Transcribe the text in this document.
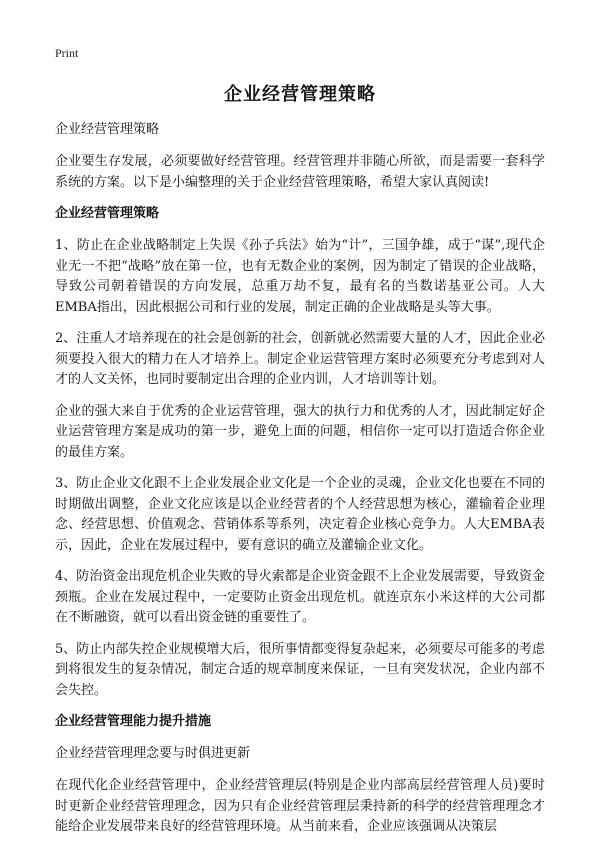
Print
企业经营管理策略

企业经营管理策略

企业要生存发展，必须要做好经营管理。经营管理并非随心所欲，而是需要一套科学系统的方案。以下是小编整理的关于企业经营管理策略，希望大家认真阅读!

企业经营管理策略

1、防止在企业战略制定上失误《孙子兵法》始为“计”，三国争雄，成于“谋”,现代企业无一不把“战略”放在第一位，也有无数企业的案例，因为制定了错误的企业战略，导致公司朝着错误的方向发展，总重万劫不复，最有名的当数诺基亚公司。人大EMBA指出，因此根据公司和行业的发展，制定正确的企业战略是头等大事。

2、注重人才培养现在的社会是创新的社会，创新就必然需要大量的人才，因此企业必须要投入很大的精力在人才培养上。制定企业运营管理方案时必须要充分考虑到对人才的人文关怀，也同时要制定出合理的企业内训，人才培训等计划。

企业的强大来自于优秀的企业运营管理，强大的执行力和优秀的人才，因此制定好企业运营管理方案是成功的第一步，避免上面的问题，相信你一定可以打造适合你企业的最佳方案。

3、防止企业文化跟不上企业发展企业文化是一个企业的灵魂，企业文化也要在不同的时期做出调整，企业文化应该是以企业经营者的个人经营思想为核心，灌输着企业理念、经营思想、价值观念、营销体系等系列，决定着企业核心竞争力。人大EMBA表示，因此，企业在发展过程中，要有意识的确立及灌输企业文化。

4、防治资金出现危机企业失败的导火索都是企业资金跟不上企业发展需要，导致资金颈瓶。企业在发展过程中，一定要防止资金出现危机。就连京东小米这样的大公司都在不断融资，就可以看出资金链的重要性了。

5、防止内部失控企业规模增大后，很所事情都变得复杂起来，必须要尽可能多的考虑到将很发生的复杂情况，制定合适的规章制度来保证，一旦有突发状况，企业内部不会失控。

企业经营管理能力提升措施

企业经营管理理念要与时俱进更新

在现代化企业经营管理中，企业经营管理层(特别是企业内部高层经营管理人员)要时时更新企业经营管理理念，因为只有企业经营管理层秉持新的科学的经营管理理念才能给企业发展带来良好的经营管理环境。从当前来看，企业应该强调从决策层
